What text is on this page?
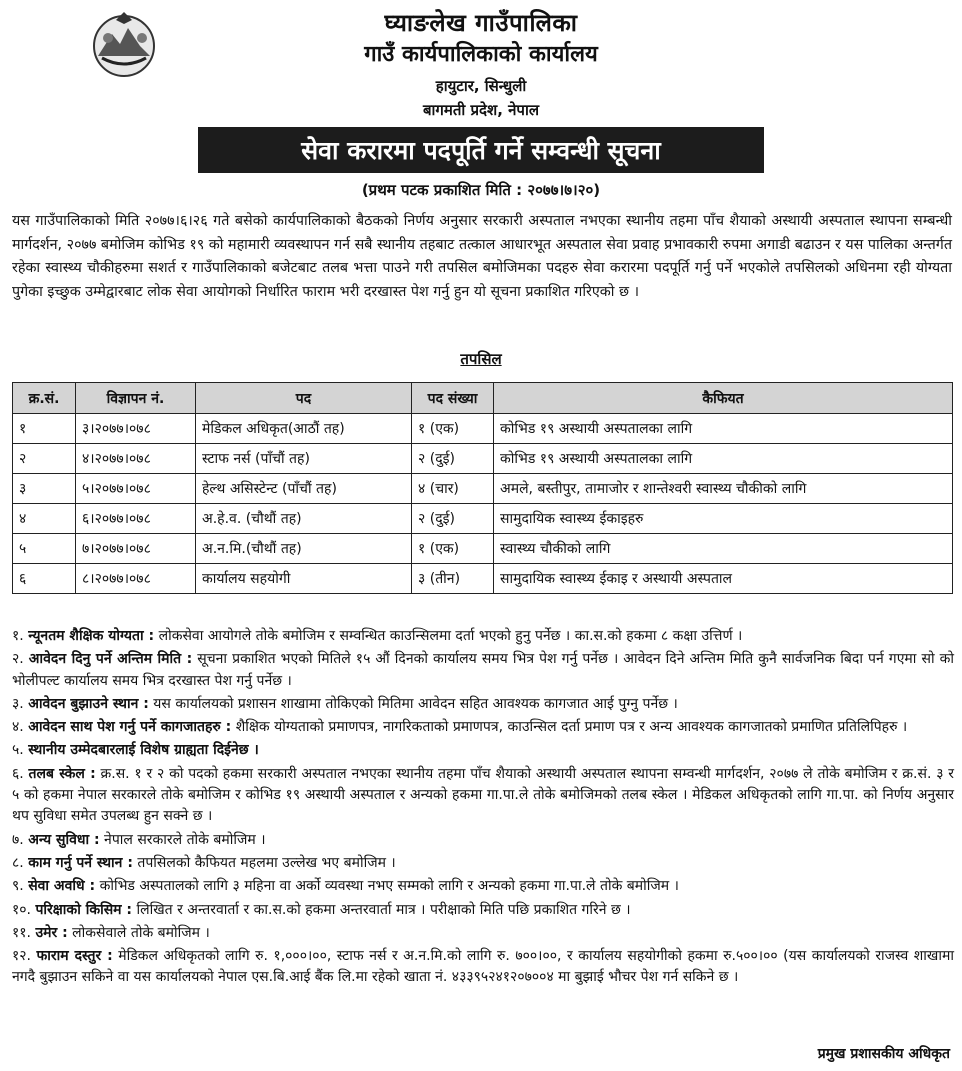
घ्याङलेख गाउँपालिका
गाउँ कार्यपालिकाको कार्यालय
हायुटार, सिन्धुली
बागमती प्रदेश, नेपाल
सेवा करारमा पदपूर्ति गर्ने सम्वन्धी सूचना
(प्रथम पटक प्रकाशित मिति : २०७७।७।२०)
यस गाउँपालिकाको मिति २०७७।६।२६ गते बसेको कार्यपालिकाको बैठकको निर्णय अनुसार सरकारी अस्पताल नभएका स्थानीय तहमा पाँच शैयाको अस्थायी अस्पताल स्थापना सम्बन्धी मार्गदर्शन, २०७७ बमोजिम कोभिड १९ को महामारी व्यवस्थापन गर्न सबै स्थानीय तहबाट तत्काल आधारभूत अस्पताल सेवा प्रवाह प्रभावकारी रुपमा अगाडी बढाउन र यस पालिका अन्तर्गत रहेका स्वास्थ्य चौकीहरुमा सशर्त र गाउँपालिकाको बजेटबाट तलब भत्ता पाउने गरी तपसिल बमोजिमका पदहरु सेवा करारमा पदपूर्ति गर्नु पर्ने भएकोले तपसिलको अधिनमा रही योग्यता पुगेका इच्छुक उम्मेद्वारबाट लोक सेवा आयोगको निर्धारित फाराम भरी दरखास्त पेश गर्नु हुन यो सूचना प्रकाशित गरिएको छ ।
तपसिल
क्र.सं.	विज्ञापन नं.	पद	पद संख्या	कैफियत
१	३।२०७७।०७८	मेडिकल अधिकृत(आठौं तह)	१ (एक)	कोभिड १९ अस्थायी अस्पतालका लागि
२	४।२०७७।०७८	स्टाफ नर्स (पाँचौं तह)	२ (दुई)	कोभिड १९ अस्थायी अस्पतालका लागि
३	५।२०७७।०७८	हेल्थ असिस्टेन्ट (पाँचौं तह)	४ (चार)	अमले, बस्तीपुर, तामाजोर र शान्तेश्वरी स्वास्थ्य चौकीको लागि
४	६।२०७७।०७८	अ.हे.व. (चौथौं तह)	२ (दुई)	सामुदायिक स्वास्थ्य ईकाइहरु
५	७।२०७७।०७८	अ.न.मि.(चौथौं तह)	१ (एक)	स्वास्थ्य चौकीको लागि
६	८।२०७७।०७८	कार्यालय सहयोगी	३ (तीन)	सामुदायिक स्वास्थ्य ईकाइ र अस्थायी अस्पताल
१. न्यूनतम शैक्षिक योग्यता : लोकसेवा आयोगले तोके बमोजिम र सम्वन्धित काउन्सिलमा दर्ता भएको हुनु पर्नेछ । का.स.को हकमा ८ कक्षा उत्तिर्ण ।
२. आवेदन दिनु पर्ने अन्तिम मिति : सूचना प्रकाशित भएको मितिले १५ औं दिनको कार्यालय समय भित्र पेश गर्नु पर्नेछ । आवेदन दिने अन्तिम मिति कुनै सार्वजनिक बिदा पर्न गएमा सो को भोलीपल्ट कार्यालय समय भित्र दरखास्त पेश गर्नु पर्नेछ ।
३. आवेदन बुझाउने स्थान : यस कार्यालयको प्रशासन शाखामा तोकिएको मितिमा आवेदन सहित आवश्यक कागजात आई पुग्नु पर्नेछ ।
४. आवेदन साथ पेश गर्नु पर्ने कागजातहरु : शैक्षिक योग्यताको प्रमाणपत्र, नागरिकताको प्रमाणपत्र, काउन्सिल दर्ता प्रमाण पत्र र अन्य आवश्यक कागजातको प्रमाणित प्रतिलिपिहरु ।
५. स्थानीय उम्मेदबारलाई विशेष ग्राह्यता दिईनेछ ।
६. तलब स्केल : क्र.स. १ र २ को पदको हकमा सरकारी अस्पताल नभएका स्थानीय तहमा पाँच शैयाको अस्थायी अस्पताल स्थापना सम्वन्धी मार्गदर्शन, २०७७ ले तोके बमोजिम र क्र.सं. ३ र ५ को हकमा नेपाल सरकारले तोके बमोजिम र कोभिड १९ अस्थायी अस्पताल र अन्यको हकमा गा.पा.ले तोके बमोजिमको तलब स्केल । मेडिकल अधिकृतको लागि गा.पा. को निर्णय अनुसार थप सुविधा समेत उपलब्ध हुन सक्ने छ ।
७. अन्य सुविधा : नेपाल सरकारले तोके बमोजिम ।
८. काम गर्नु पर्ने स्थान : तपसिलको कैफियत महलमा उल्लेख भए बमोजिम ।
९. सेवा अवधि : कोभिड अस्पतालको लागि ३ महिना वा अर्को व्यवस्था नभए सम्मको लागि र अन्यको हकमा गा.पा.ले तोके बमोजिम ।
१०. परिक्षाको किसिम : लिखित र अन्तरवार्ता र का.स.को हकमा अन्तरवार्ता मात्र । परीक्षाको मिति पछि प्रकाशित गरिने छ ।
११. उमेर : लोकसेवाले तोके बमोजिम ।
१२. फाराम दस्तुर : मेडिकल अधिकृतको लागि रु. १,०००।००, स्टाफ नर्स र अ.न.मि.को लागि रु. ७००।००, र कार्यालय सहयोगीको हकमा रु.५००।०० (यस कार्यालयको राजस्व शाखामा नगदै बुझाउन सकिने वा यस कार्यालयको नेपाल एस.बि.आई बैंक लि.मा रहेको खाता नं. ४३३९५२४१२०७००४ मा बुझाई भौचर पेश गर्न सकिने छ ।
प्रमुख प्रशासकीय अधिकृत
